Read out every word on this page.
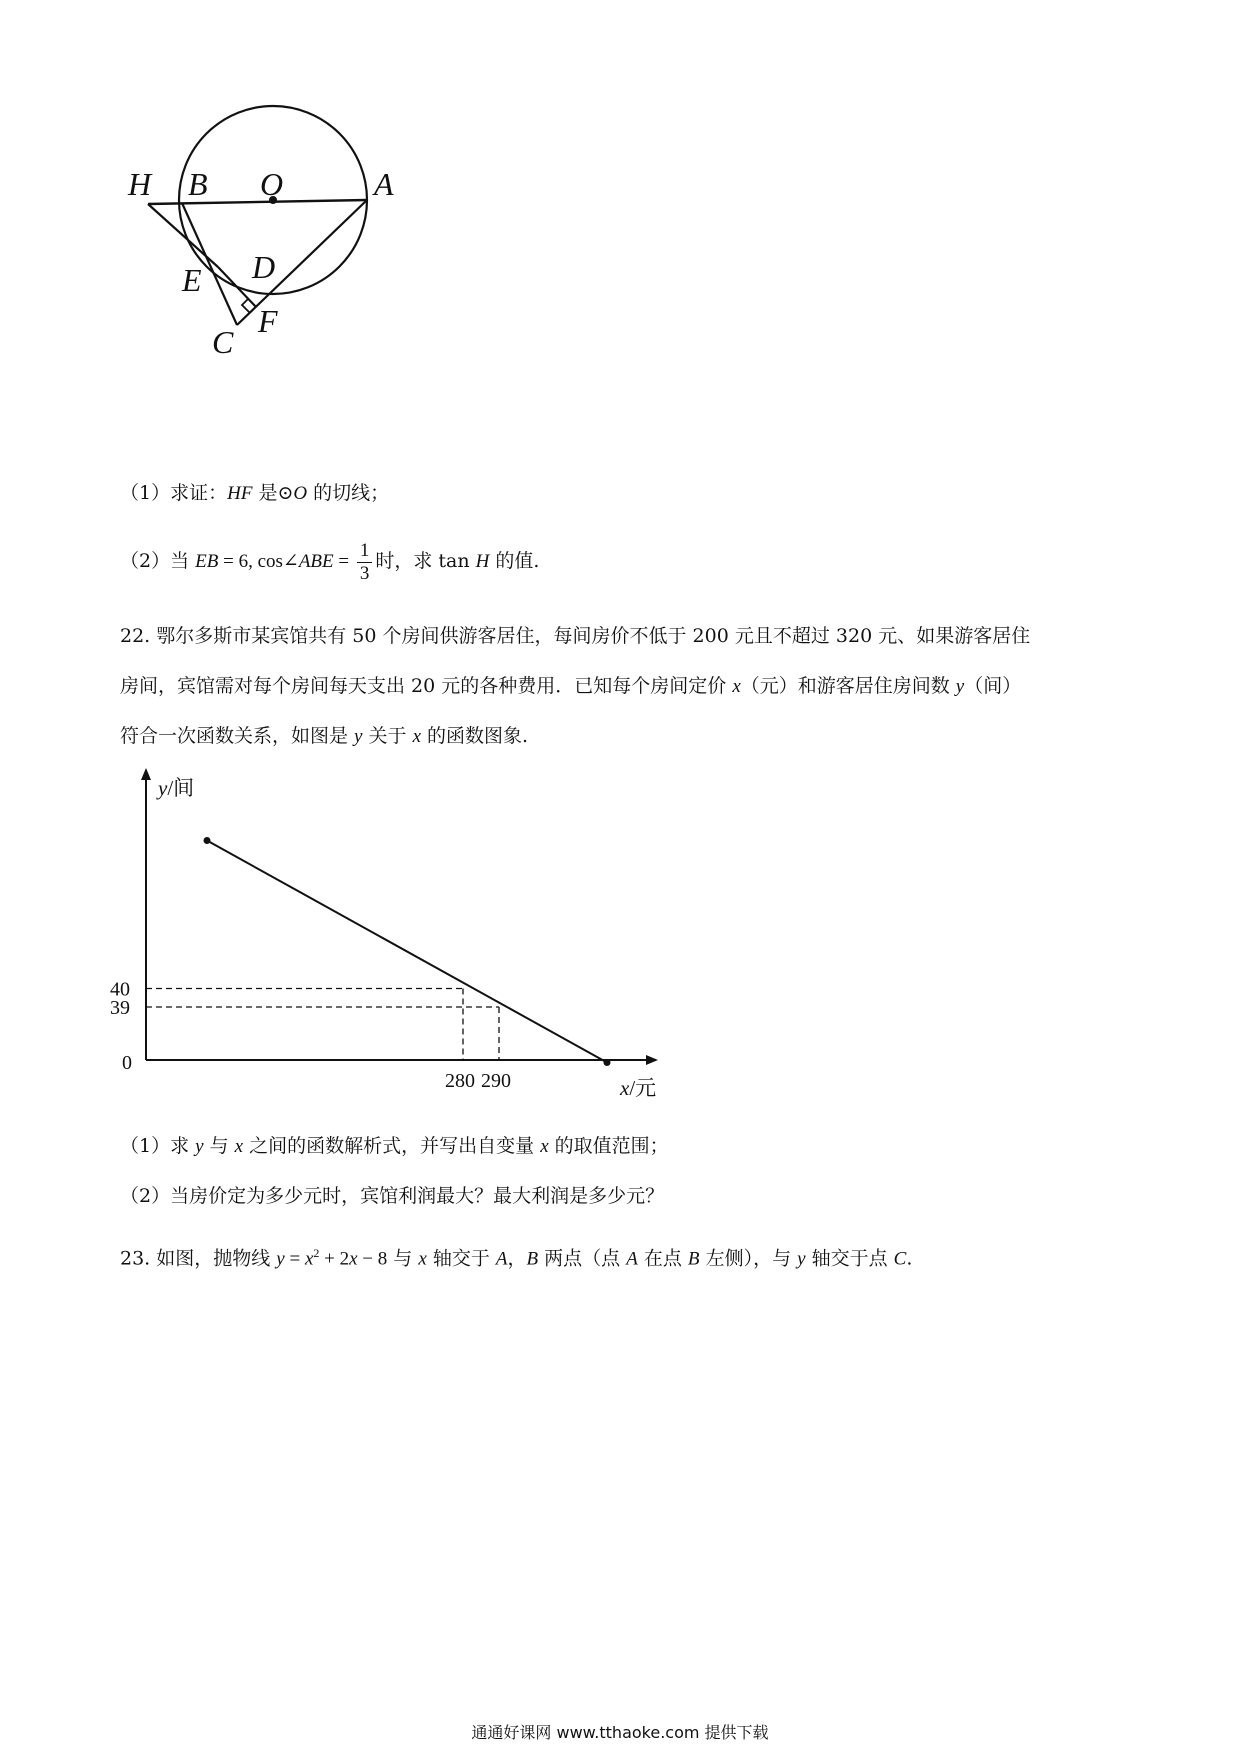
H B O	A
D
E
F
C
（1）求证：HF 是⊙O 的切线；
（2）当 EB = 6, cos∠ABE = $\frac{1}{3}$ 时，求 tan H 的值.
22. 鄂尔多斯市某宾馆共有 50 个房间供游客居住，每间房价不低于 200 元且不超过 320 元、如果游客居住
房间，宾馆需对每个房间每天支出 20 元的各种费用．已知每个房间定价 x（元）和游客居住房间数 y（间）
符合一次函数关系，如图是 y 关于 x 的函数图象.
y/间
x/元
0
280
40
290
39
（1）求 y 与 x 之间的函数解析式，并写出自变量 x 的取值范围；
（2）当房价定为多少元时，宾馆利润最大？最大利润是多少元？
23. 如图，抛物线 $y = x^2 + 2x - 8$ 与 x 轴交于 A，B 两点（点 A 在点 B 左侧），与 y 轴交于点 C.
通通好课网 www.tthaoke.com 提供下载
